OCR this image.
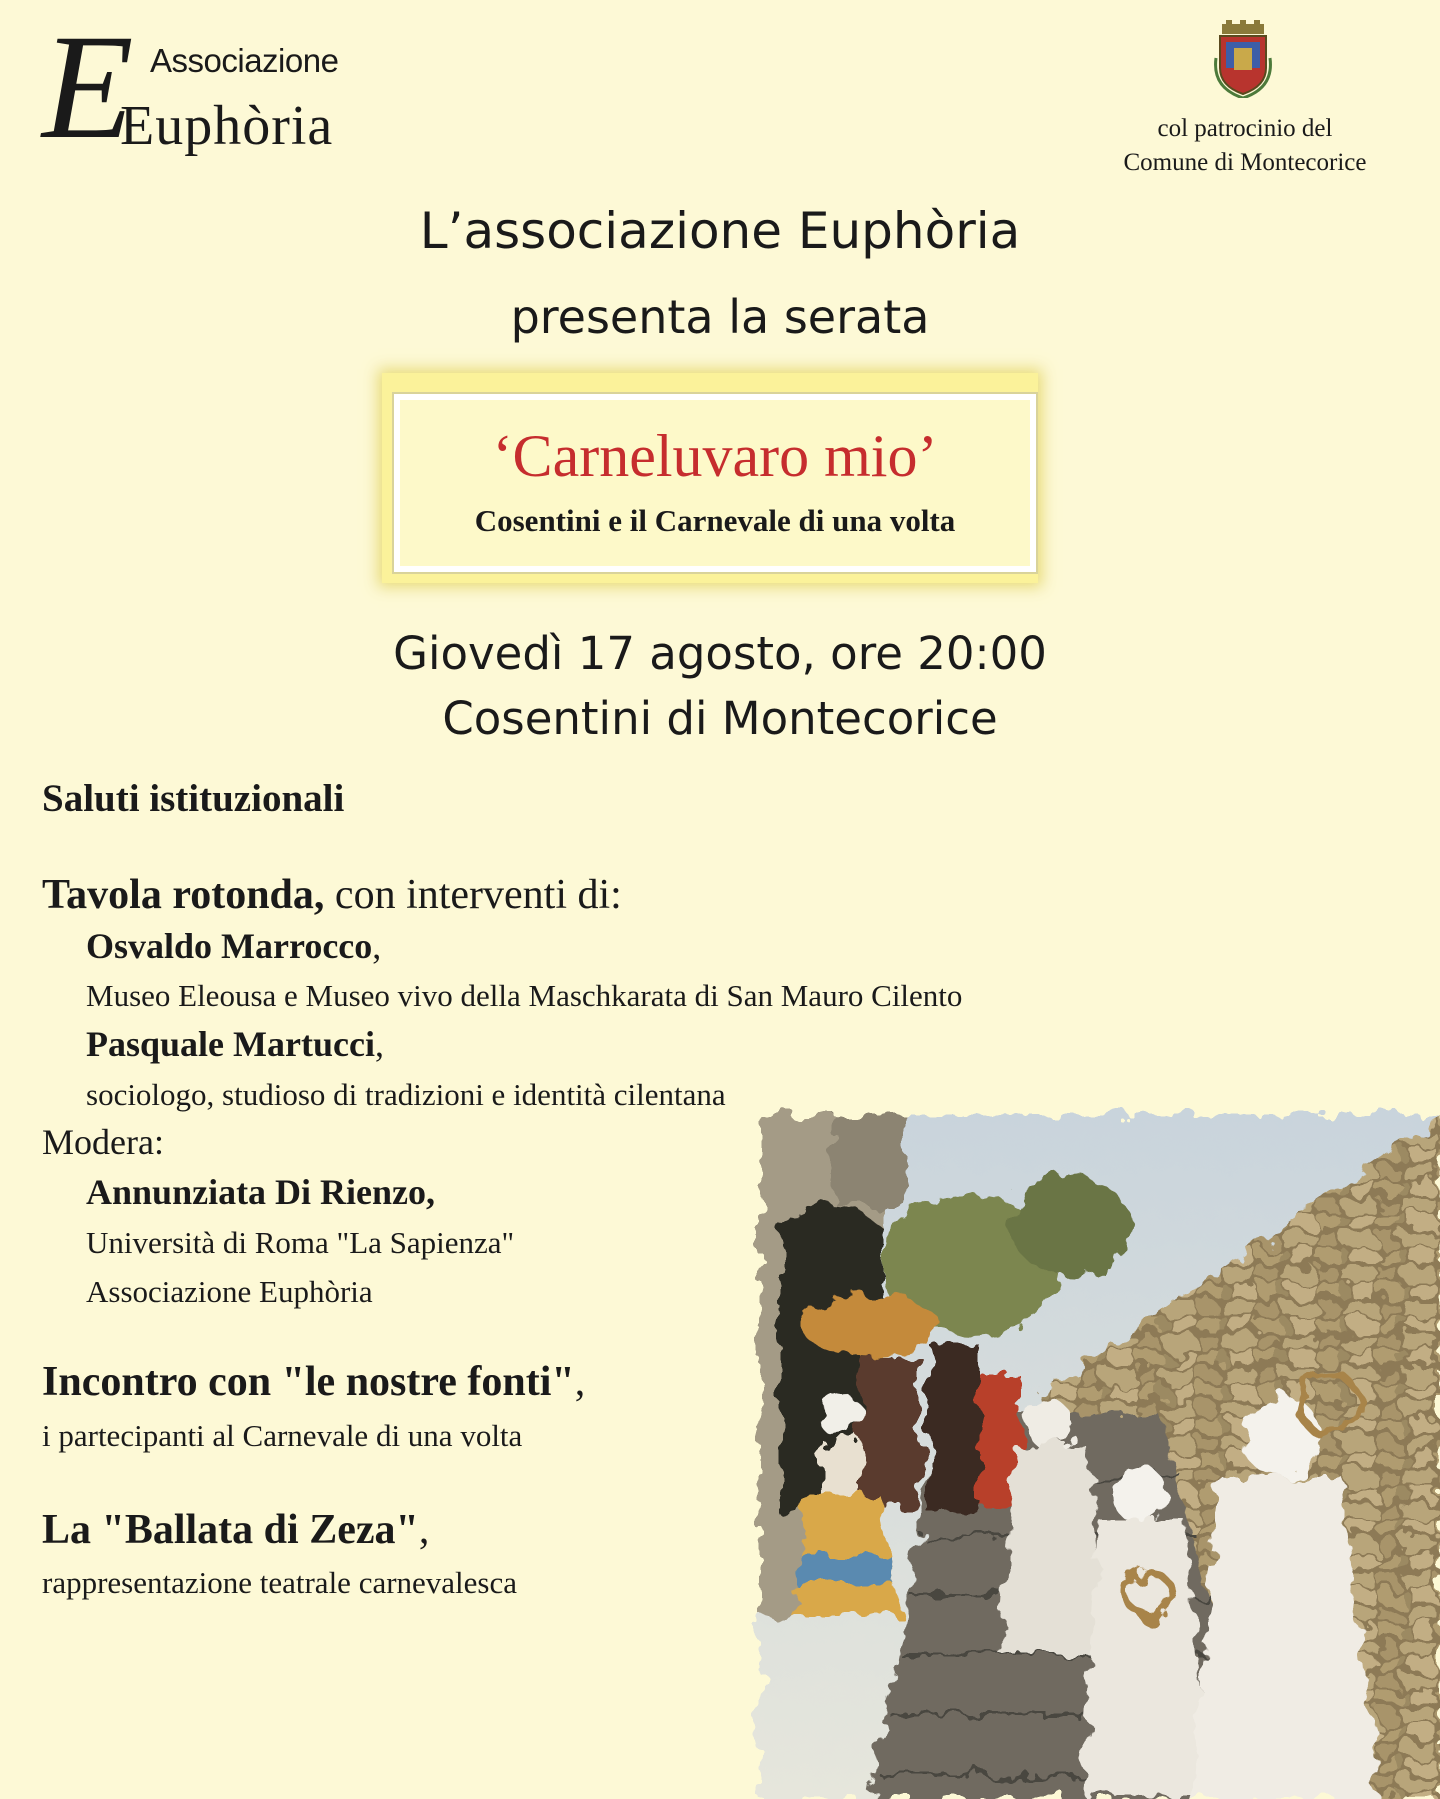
E Associazione
Euphòria	col patrocinio del
Comune di Montecorice
L’associazione Euphòria
presenta la serata
‘Carneluvaro mio’
Cosentini e il Carnevale di una volta
Giovedì 17 agosto, ore 20:00
Cosentini di Montecorice
Saluti istituzionali
Tavola rotonda, con interventi di:
Osvaldo Marrocco,
Museo Eleousa e Museo vivo della Maschkarata di San Mauro Cilento
Pasquale Martucci,
sociologo, studioso di tradizioni e identità cilentana
Modera:
Annunziata Di Rienzo,
Università di Roma "La Sapienza"
Associazione Euphòria
Incontro con "le nostre fonti",
i partecipanti al Carnevale di una volta
La "Ballata di Zeza",
rappresentazione teatrale carnevalesca
